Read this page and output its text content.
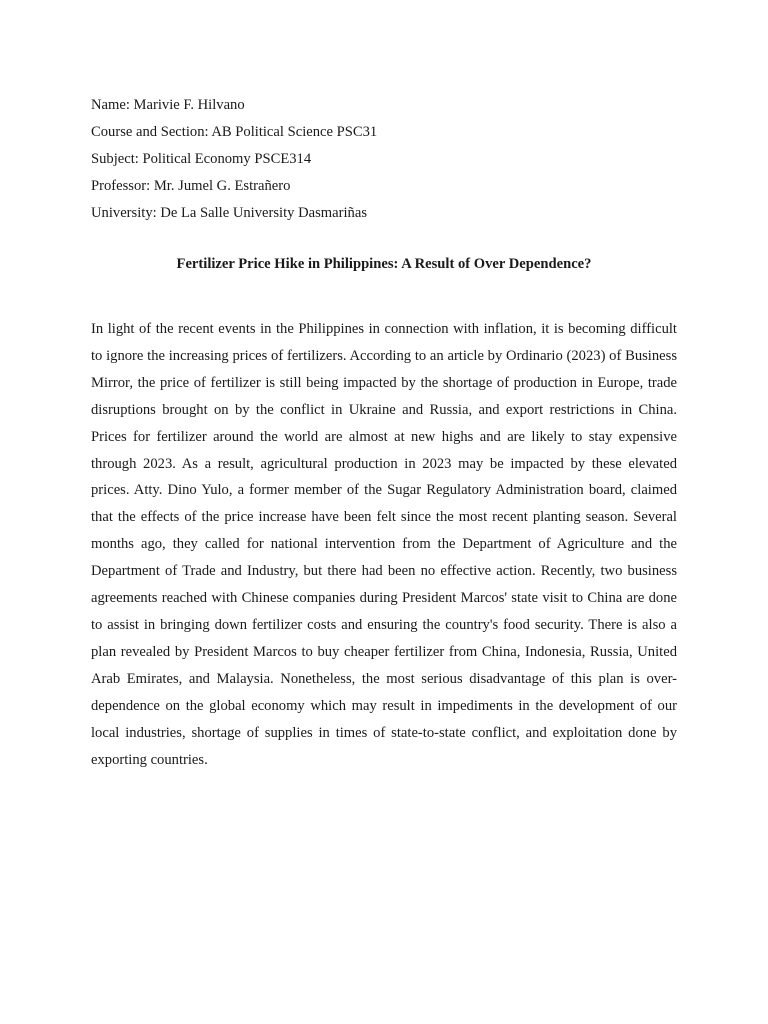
Name: Marivie F. Hilvano
Course and Section: AB Political Science PSC31
Subject: Political Economy PSCE314
Professor: Mr. Jumel G. Estrañero
University: De La Salle University Dasmariñas
Fertilizer Price Hike in Philippines: A Result of Over Dependence?

In light of the recent events in the Philippines in connection with inflation, it is becoming difficult to ignore the increasing prices of fertilizers. According to an article by Ordinario (2023) of Business Mirror, the price of fertilizer is still being impacted by the shortage of production in Europe, trade disruptions brought on by the conflict in Ukraine and Russia, and export restrictions in China. Prices for fertilizer around the world are almost at new highs and are likely to stay expensive through 2023. As a result, agricultural production in 2023 may be impacted by these elevated prices. Atty. Dino Yulo, a former member of the Sugar Regulatory Administration board, claimed that the effects of the price increase have been felt since the most recent planting season. Several months ago, they called for national intervention from the Department of Agriculture and the Department of Trade and Industry, but there had been no effective action. Recently, two business agreements reached with Chinese companies during President Marcos' state visit to China are done to assist in bringing down fertilizer costs and ensuring the country's food security. There is also a plan revealed by President Marcos to buy cheaper fertilizer from China, Indonesia, Russia, United Arab Emirates, and Malaysia. Nonetheless, the most serious disadvantage of this plan is over-dependence on the global economy which may result in impediments in the development of our local industries, shortage of supplies in times of state-to-state conflict, and exploitation done by exporting countries.
